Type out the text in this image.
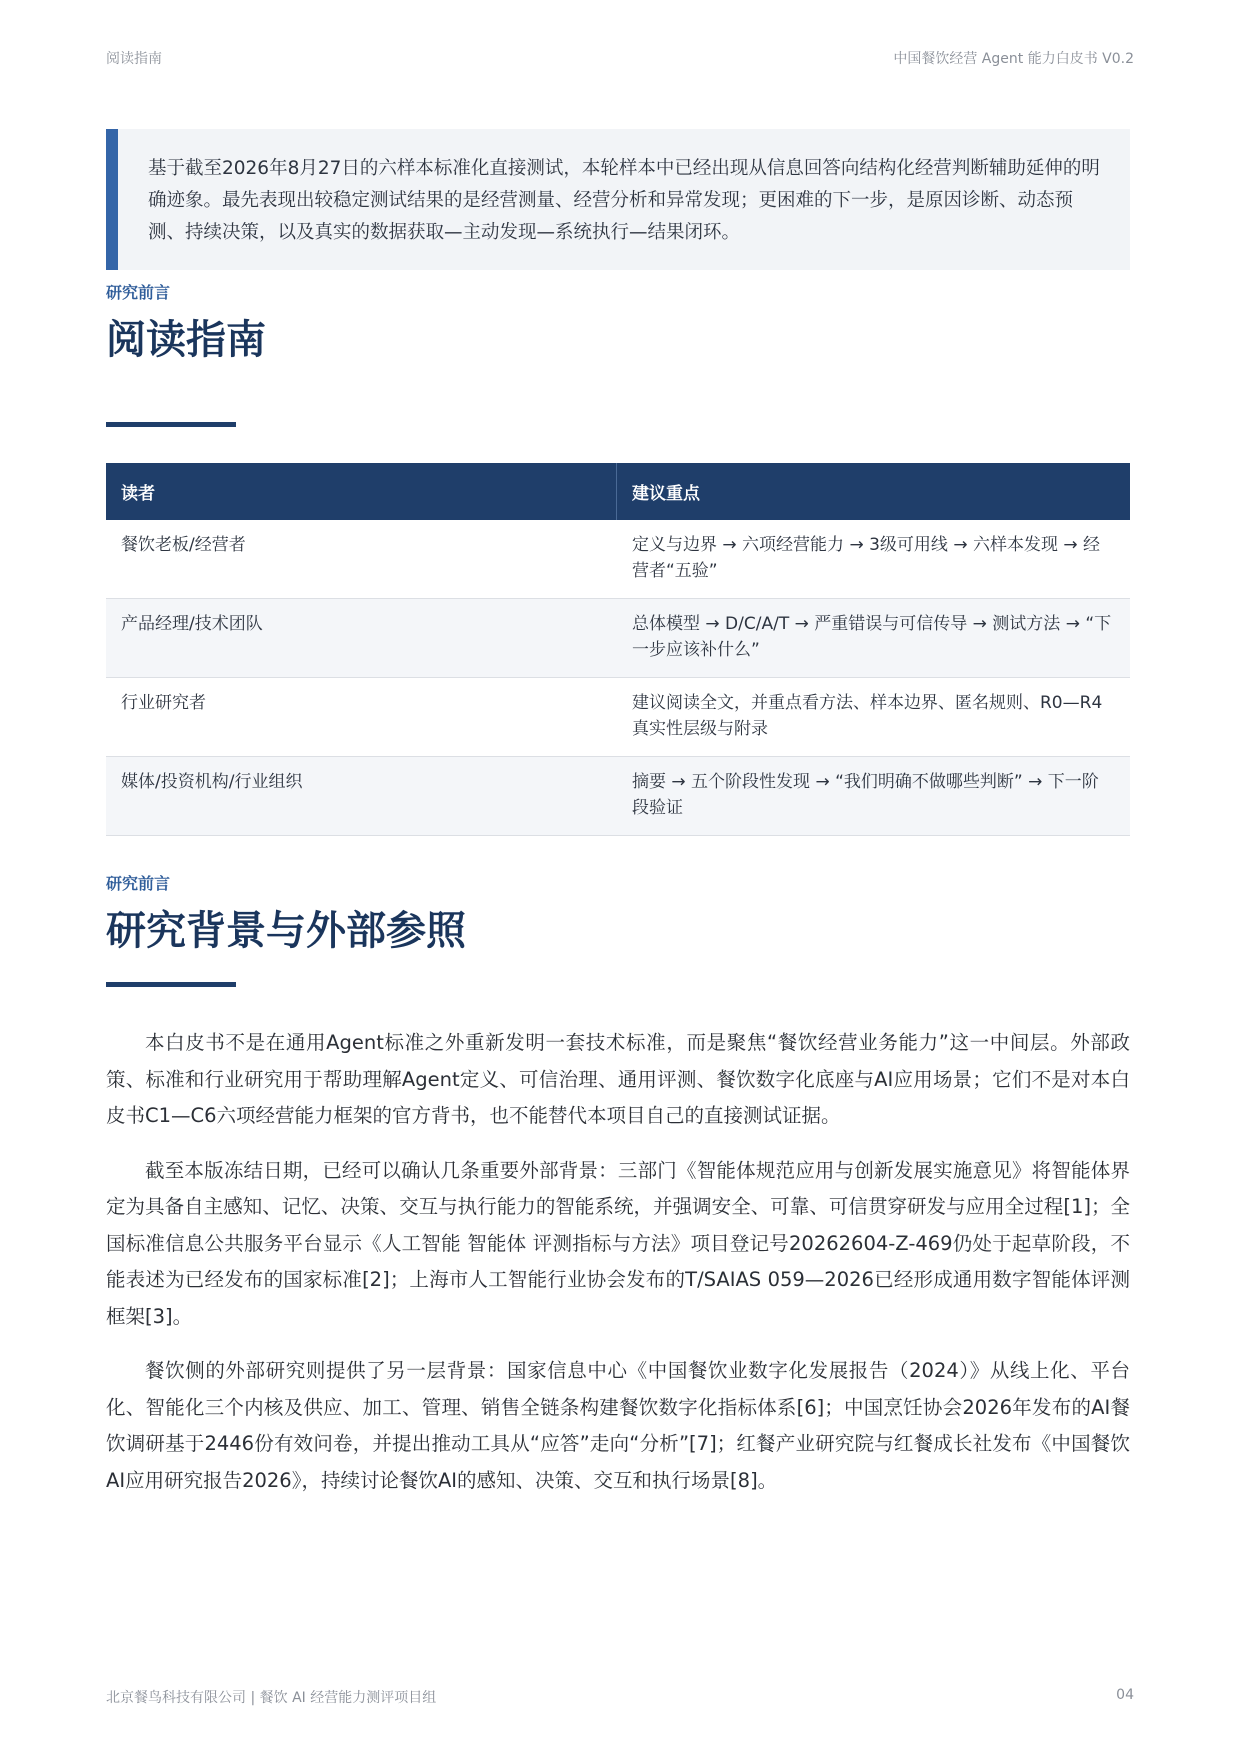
阅读指南	中国餐饮经营 Agent 能力白皮书 V0.2
基于截至2026年8月27日的六样本标准化直接测试，本轮样本中已经出现从信息回答向结构化经营判断辅助延伸的明确迹象。最先表现出较稳定测试结果的是经营测量、经营分析和异常发现；更困难的下一步，是原因诊断、动态预测、持续决策，以及真实的数据获取—主动发现—系统执行—结果闭环。
研究前言
阅读指南
读者	建议重点
餐饮老板/经营者	定义与边界 → 六项经营能力 → 3级可用线 → 六样本发现 → 经营者“五验”
产品经理/技术团队	总体模型 → D/C/A/T → 严重错误与可信传导 → 测试方法 → “下一步应该补什么”
行业研究者	建议阅读全文，并重点看方法、样本边界、匿名规则、R0—R4真实性层级与附录
媒体/投资机构/行业组织	摘要 → 五个阶段性发现 → “我们明确不做哪些判断” → 下一阶段验证
研究前言
研究背景与外部参照

本白皮书不是在通用Agent标准之外重新发明一套技术标准，而是聚焦“餐饮经营业务能力”这一中间层。外部政策、标准和行业研究用于帮助理解Agent定义、可信治理、通用评测、餐饮数字化底座与AI应用场景；它们不是对本白皮书C1—C6六项经营能力框架的官方背书，也不能替代本项目自己的直接测试证据。

截至本版冻结日期，已经可以确认几条重要外部背景：三部门《智能体规范应用与创新发展实施意见》将智能体界定为具备自主感知、记忆、决策、交互与执行能力的智能系统，并强调安全、可靠、可信贯穿研发与应用全过程[1]；全国标准信息公共服务平台显示《人工智能 智能体 评测指标与方法》项目登记号20262604-Z-469仍处于起草阶段，不能表述为已经发布的国家标准[2]；上海市人工智能行业协会发布的T/SAIAS 059—2026已经形成通用数字智能体评测框架[3]。

餐饮侧的外部研究则提供了另一层背景：国家信息中心《中国餐饮业数字化发展报告（2024）》从线上化、平台化、智能化三个内核及供应、加工、管理、销售全链条构建餐饮数字化指标体系[6]；中国烹饪协会2026年发布的AI餐饮调研基于2446份有效问卷，并提出推动工具从“应答”走向“分析”[7]；红餐产业研究院与红餐成长社发布《中国餐饮AI应用研究报告2026》，持续讨论餐饮AI的感知、决策、交互和执行场景[8]。

北京餐鸟科技有限公司 | 餐饮 AI 经营能力测评项目组	04
